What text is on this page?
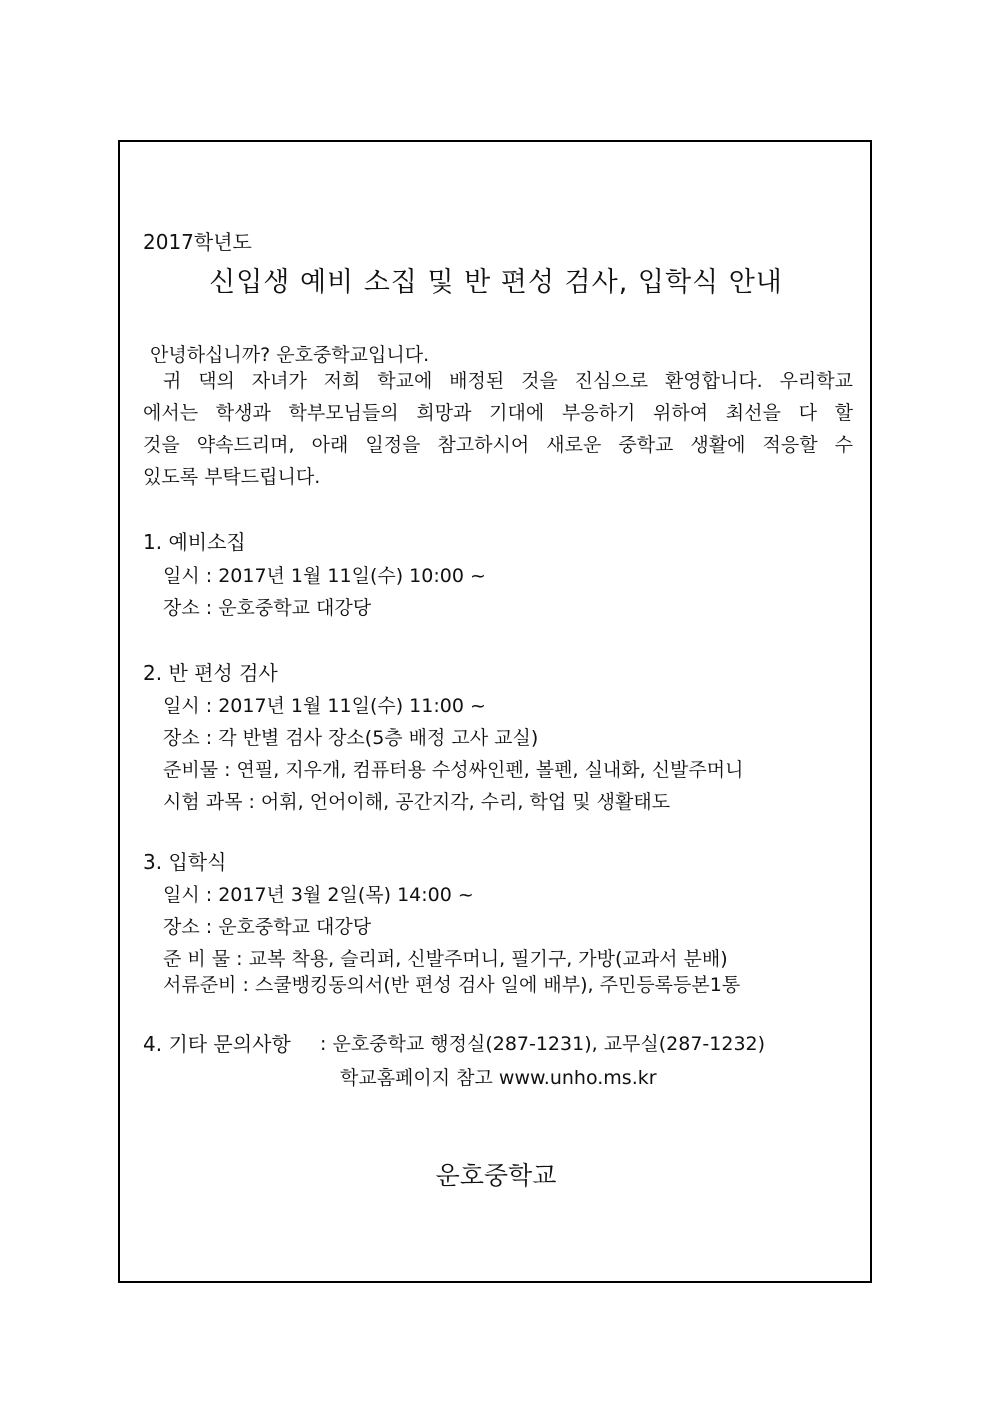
2017학년도
신입생 예비 소집 및 반 편성 검사, 입학식 안내
안녕하십니까? 운호중학교입니다.
귀 댁의 자녀가 저희 학교에 배정된 것을 진심으로 환영합니다. 우리학교
에서는 학생과 학부모님들의 희망과 기대에 부응하기 위하여 최선을 다 할
것을 약속드리며, 아래 일정을 참고하시어 새로운 중학교 생활에 적응할 수
있도록 부탁드립니다.
1. 예비소집
일시 : 2017년 1월 11일(수) 10:00 ~
장소 : 운호중학교 대강당
2. 반 편성 검사
일시 : 2017년 1월 11일(수) 11:00 ~
장소 : 각 반별 검사 장소(5층 배정 고사 교실)
준비물 : 연필, 지우개, 컴퓨터용 수성싸인펜, 볼펜, 실내화, 신발주머니
시험 과목 : 어휘, 언어이해, 공간지각, 수리, 학업 및 생활태도
3. 입학식
일시 : 2017년 3월 2일(목) 14:00 ~
장소 : 운호중학교 대강당
준 비 물 : 교복 착용, 슬리퍼, 신발주머니, 필기구, 가방(교과서 분배)
서류준비 : 스쿨뱅킹동의서(반 편성 검사 일에 배부), 주민등록등본1통
4. 기타 문의사항 : 운호중학교 행정실(287-1231), 교무실(287-1232)
학교홈페이지 참고 www.unho.ms.kr
운호중학교
